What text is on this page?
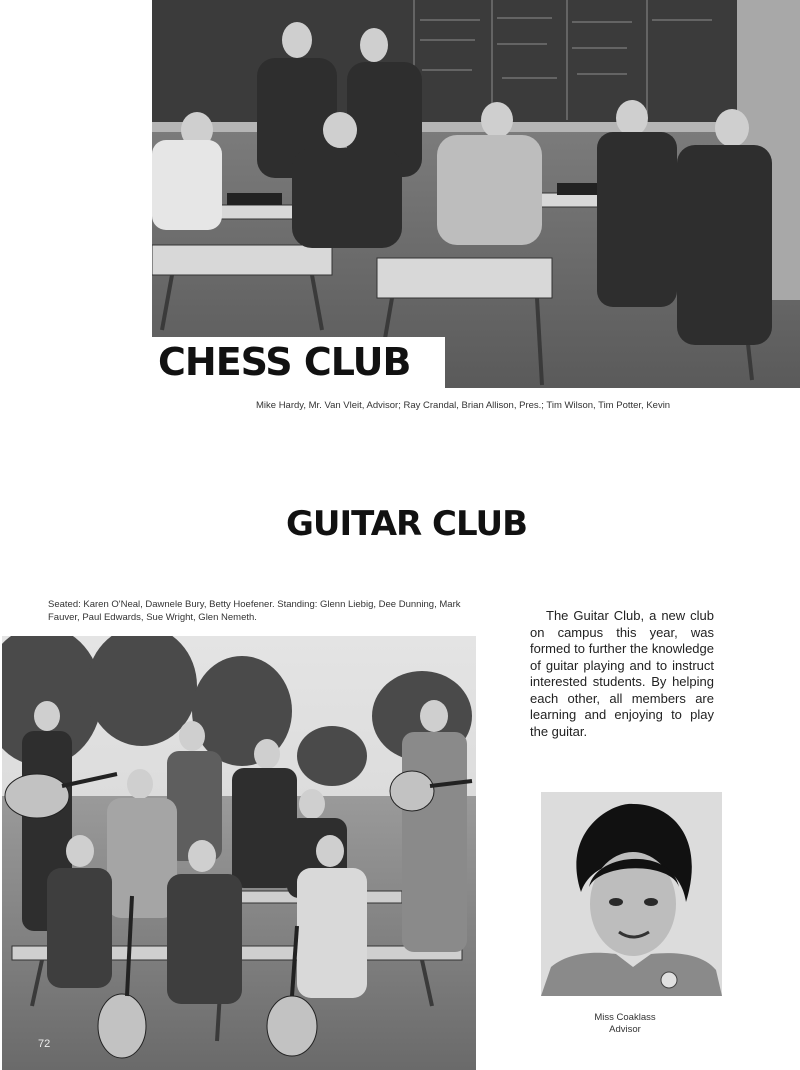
CHESS CLUB

Mike Hardy, Mr. Van Vleit, Advisor; Ray Crandal, Brian Allison, Pres.; Tim Wilson, Tim Potter, Kevin

GUITAR CLUB

Seated: Karen O'Neal, Dawnele Bury, Betty Hoefener. Standing: Glenn Liebig, Dee Dunning, Mark Fauver, Paul Edwards, Sue Wright, Glen Nemeth.	The Guitar Club, a new club on campus this year, was formed to further the knowledge of guitar playing and to instruct interested students. By helping each other, all members are learning and enjoying to play the guitar.

Miss Coaklass
Advisor
72
